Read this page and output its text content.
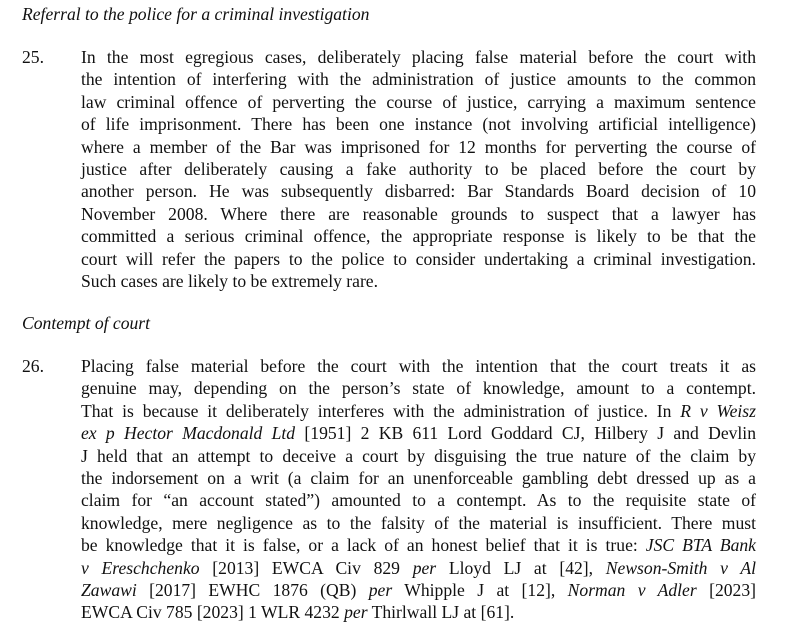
Referral to the police for a criminal investigation
25. In the most egregious cases, deliberately placing false material before the court with
the intention of interfering with the administration of justice amounts to the common
law criminal offence of perverting the course of justice, carrying a maximum sentence
of life imprisonment. There has been one instance (not involving artificial intelligence)
where a member of the Bar was imprisoned for 12 months for perverting the course of
justice after deliberately causing a fake authority to be placed before the court by
another person. He was subsequently disbarred: Bar Standards Board decision of 10
November 2008. Where there are reasonable grounds to suspect that a lawyer has
committed a serious criminal offence, the appropriate response is likely to be that the
court will refer the papers to the police to consider undertaking a criminal investigation.
Such cases are likely to be extremely rare.
Contempt of court
26. Placing false material before the court with the intention that the court treats it as
genuine may, depending on the person’s state of knowledge, amount to a contempt.
That is because it deliberately interferes with the administration of justice. In R v Weisz
ex p Hector Macdonald Ltd [1951] 2 KB 611 Lord Goddard CJ, Hilbery J and Devlin
J held that an attempt to deceive a court by disguising the true nature of the claim by
the indorsement on a writ (a claim for an unenforceable gambling debt dressed up as a
claim for “an account stated”) amounted to a contempt. As to the requisite state of
knowledge, mere negligence as to the falsity of the material is insufficient. There must
be knowledge that it is false, or a lack of an honest belief that it is true: JSC BTA Bank
v Ereschchenko [2013] EWCA Civ 829 per Lloyd LJ at [42], Newson-Smith v Al
Zawawi [2017] EWHC 1876 (QB) per Whipple J at [12], Norman v Adler [2023]
EWCA Civ 785 [2023] 1 WLR 4232 per Thirlwall LJ at [61].
